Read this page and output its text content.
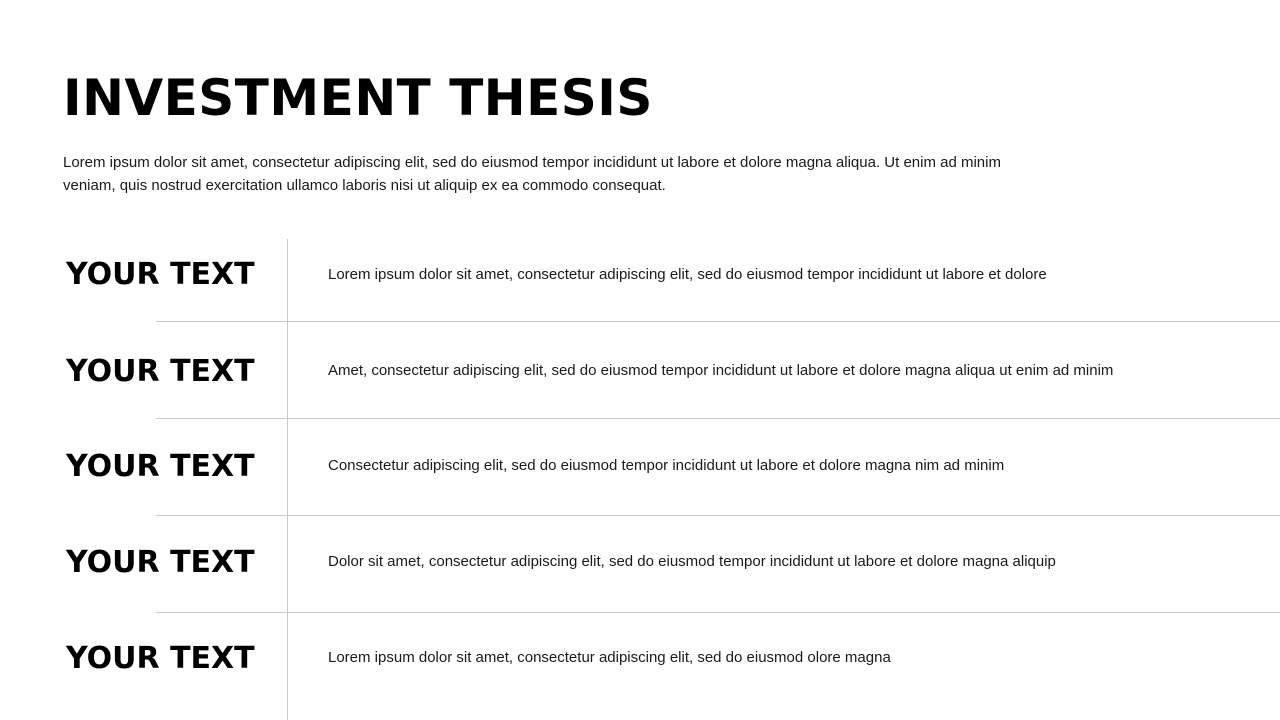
INVESTMENT THESIS

Lorem ipsum dolor sit amet, consectetur adipiscing elit, sed do eiusmod tempor incididunt ut labore et dolore magna aliqua. Ut enim ad minim veniam, quis nostrud exercitation ullamco laboris nisi ut aliquip ex ea commodo consequat.

YOUR TEXT	Lorem ipsum dolor sit amet, consectetur adipiscing elit, sed do eiusmod tempor incididunt ut labore et dolore
YOUR TEXT	Amet, consectetur adipiscing elit, sed do eiusmod tempor incididunt ut labore et dolore magna aliqua ut enim ad minim
YOUR TEXT	Consectetur adipiscing elit, sed do eiusmod tempor incididunt ut labore et dolore magna nim ad minim
YOUR TEXT	Dolor sit amet, consectetur adipiscing elit, sed do eiusmod tempor incididunt ut labore et dolore magna aliquip
YOUR TEXT	Lorem ipsum dolor sit amet, consectetur adipiscing elit, sed do eiusmod olore magna
